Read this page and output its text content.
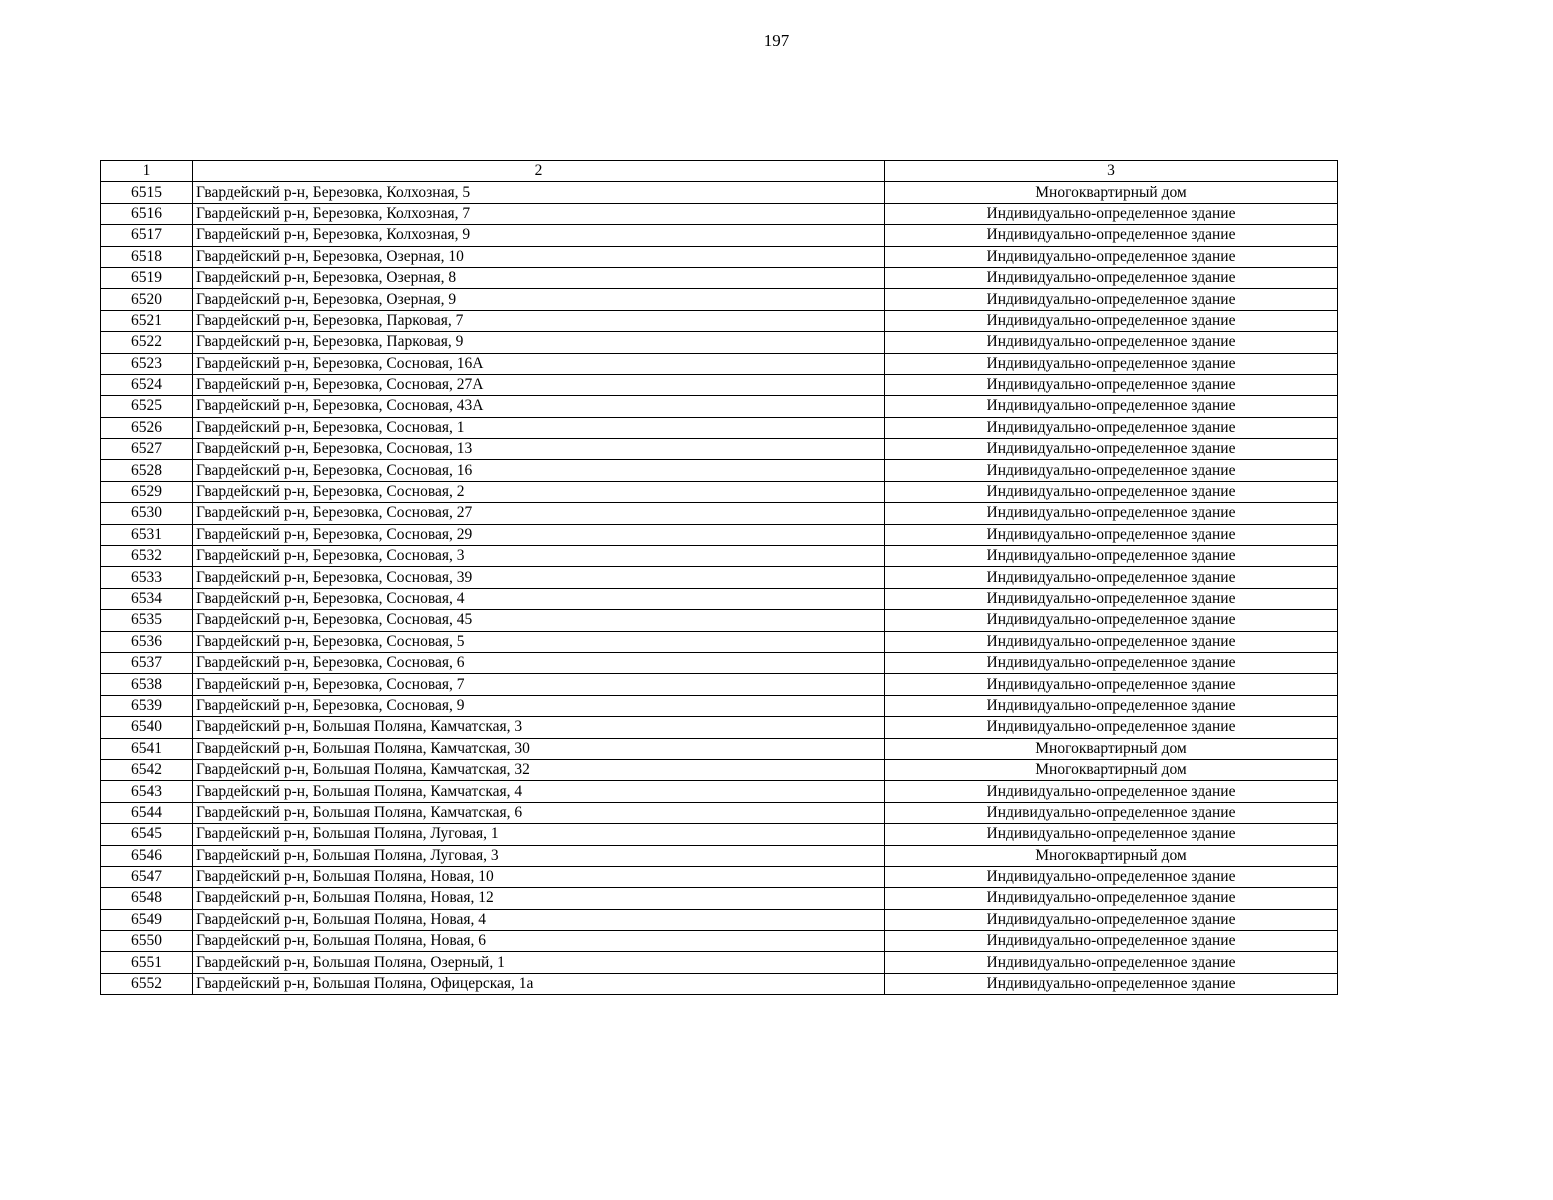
197
1	2	3
6515	Гвардейский р-н, Березовка, Колхозная, 5	Многоквартирный дом
6516	Гвардейский р-н, Березовка, Колхозная, 7	Индивидуально-определенное здание
6517	Гвардейский р-н, Березовка, Колхозная, 9	Индивидуально-определенное здание
6518	Гвардейский р-н, Березовка, Озерная, 10	Индивидуально-определенное здание
6519	Гвардейский р-н, Березовка, Озерная, 8	Индивидуально-определенное здание
6520	Гвардейский р-н, Березовка, Озерная, 9	Индивидуально-определенное здание
6521	Гвардейский р-н, Березовка, Парковая, 7	Индивидуально-определенное здание
6522	Гвардейский р-н, Березовка, Парковая, 9	Индивидуально-определенное здание
6523	Гвардейский р-н, Березовка, Сосновая, 16А	Индивидуально-определенное здание
6524	Гвардейский р-н, Березовка, Сосновая, 27А	Индивидуально-определенное здание
6525	Гвардейский р-н, Березовка, Сосновая, 43А	Индивидуально-определенное здание
6526	Гвардейский р-н, Березовка, Сосновая, 1	Индивидуально-определенное здание
6527	Гвардейский р-н, Березовка, Сосновая, 13	Индивидуально-определенное здание
6528	Гвардейский р-н, Березовка, Сосновая, 16	Индивидуально-определенное здание
6529	Гвардейский р-н, Березовка, Сосновая, 2	Индивидуально-определенное здание
6530	Гвардейский р-н, Березовка, Сосновая, 27	Индивидуально-определенное здание
6531	Гвардейский р-н, Березовка, Сосновая, 29	Индивидуально-определенное здание
6532	Гвардейский р-н, Березовка, Сосновая, 3	Индивидуально-определенное здание
6533	Гвардейский р-н, Березовка, Сосновая, 39	Индивидуально-определенное здание
6534	Гвардейский р-н, Березовка, Сосновая, 4	Индивидуально-определенное здание
6535	Гвардейский р-н, Березовка, Сосновая, 45	Индивидуально-определенное здание
6536	Гвардейский р-н, Березовка, Сосновая, 5	Индивидуально-определенное здание
6537	Гвардейский р-н, Березовка, Сосновая, 6	Индивидуально-определенное здание
6538	Гвардейский р-н, Березовка, Сосновая, 7	Индивидуально-определенное здание
6539	Гвардейский р-н, Березовка, Сосновая, 9	Индивидуально-определенное здание
6540	Гвардейский р-н, Большая Поляна, Камчатская, 3	Индивидуально-определенное здание
6541	Гвардейский р-н, Большая Поляна, Камчатская, 30	Многоквартирный дом
6542	Гвардейский р-н, Большая Поляна, Камчатская, 32	Многоквартирный дом
6543	Гвардейский р-н, Большая Поляна, Камчатская, 4	Индивидуально-определенное здание
6544	Гвардейский р-н, Большая Поляна, Камчатская, 6	Индивидуально-определенное здание
6545	Гвардейский р-н, Большая Поляна, Луговая, 1	Индивидуально-определенное здание
6546	Гвардейский р-н, Большая Поляна, Луговая, 3	Многоквартирный дом
6547	Гвардейский р-н, Большая Поляна, Новая, 10	Индивидуально-определенное здание
6548	Гвардейский р-н, Большая Поляна, Новая, 12	Индивидуально-определенное здание
6549	Гвардейский р-н, Большая Поляна, Новая, 4	Индивидуально-определенное здание
6550	Гвардейский р-н, Большая Поляна, Новая, 6	Индивидуально-определенное здание
6551	Гвардейский р-н, Большая Поляна, Озерный, 1	Индивидуально-определенное здание
6552	Гвардейский р-н, Большая Поляна, Офицерская, 1а	Индивидуально-определенное здание
